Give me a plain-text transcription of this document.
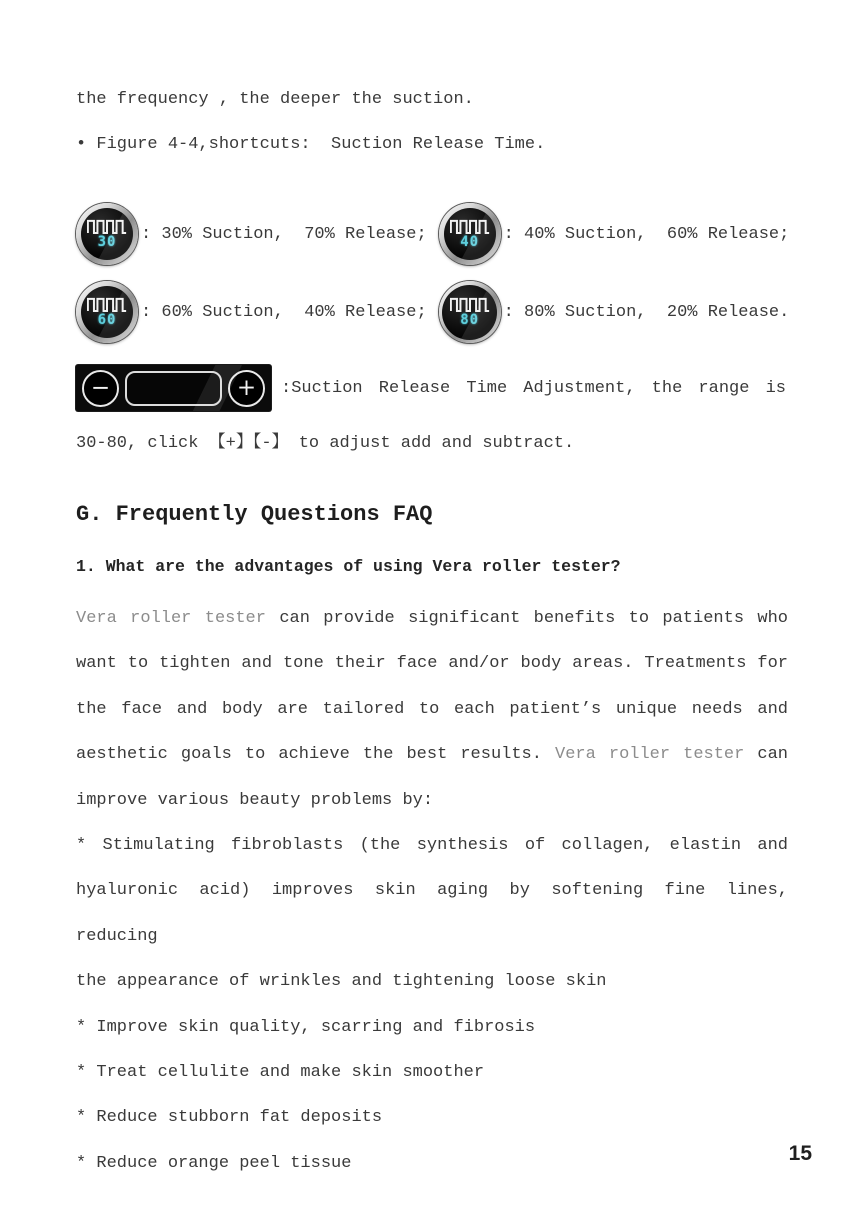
the frequency , the deeper the suction.
• Figure 4-4,shortcuts:  Suction Release Time.
30 : 30% Suction,  70% Release; 40 : 40% Suction,  60% Release;
60 : 60% Suction,  40% Release; 80 : 80% Suction,  20% Release.
−	+	:Suction Release Time Adjustment, the range is
30-80, click 【+】【-】 to adjust add and subtract.
G. Frequently Questions FAQ
1. What are the advantages of using Vera roller tester?
Vera roller tester can provide significant benefits to patients who
want to tighten and tone their face and/or body areas. Treatments for
the face and body are tailored to each patient’s unique needs and
aesthetic goals to achieve the best results. Vera roller tester can
improve various beauty problems by:
* Stimulating fibroblasts (the synthesis of collagen, elastin and
hyaluronic acid) improves skin aging by softening fine lines, reducing
the appearance of wrinkles and tightening loose skin
* Improve skin quality, scarring and fibrosis
* Treat cellulite and make skin smoother
* Reduce stubborn fat deposits
* Reduce orange peel tissue	15
